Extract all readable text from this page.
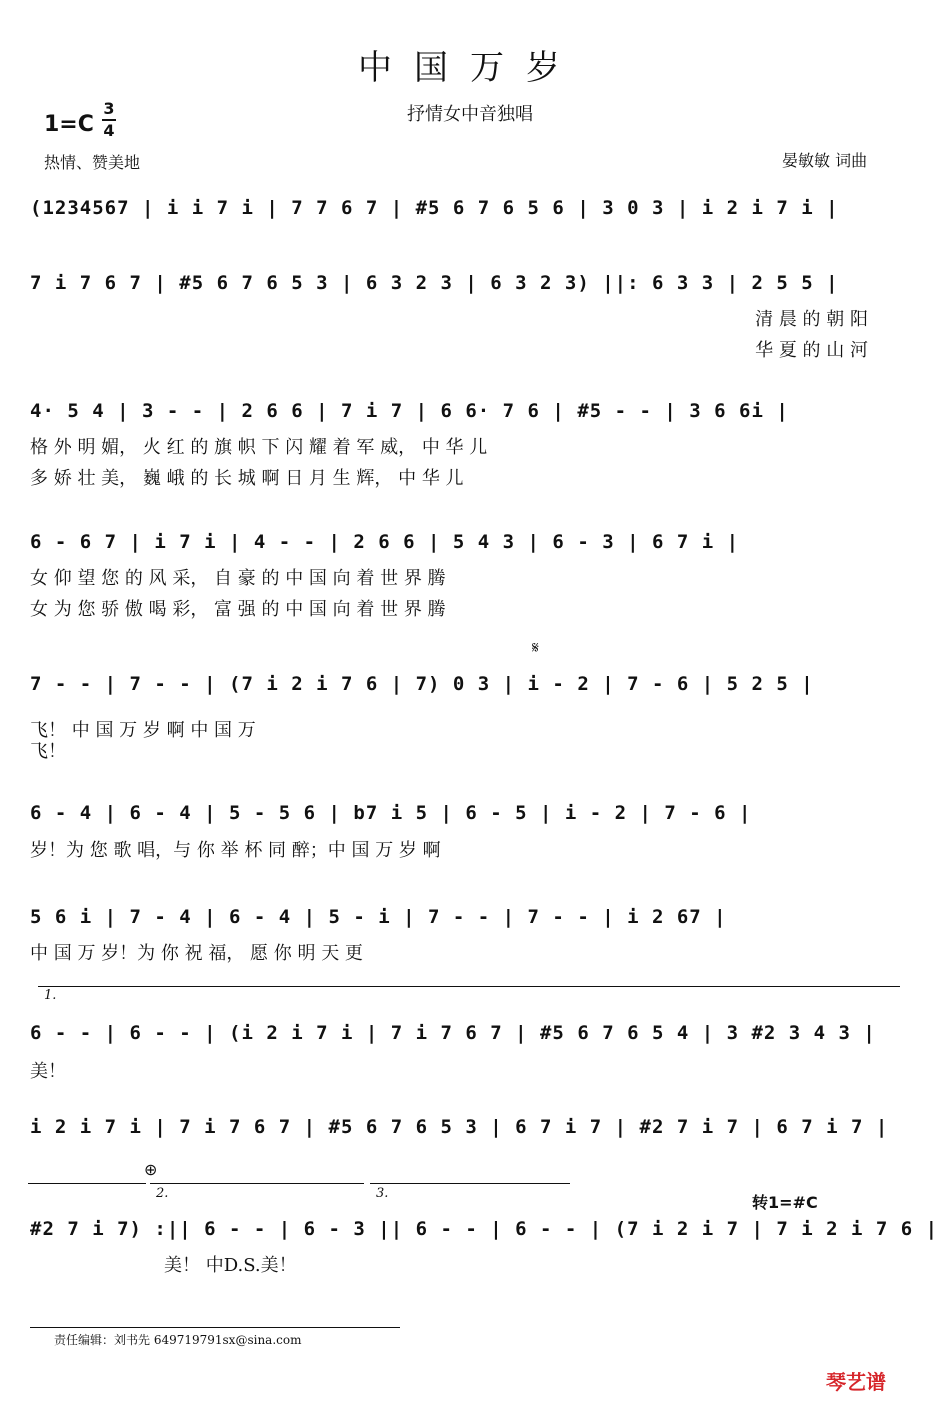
中国万岁
抒情女中音独唱
1=C
3
4
热情、赞美地	晏敏敏 词曲
(1234567 | i i 7 i | 7 7 6 7 | #5 6 7 6 5 6 | 3 0 3 | i 2 i 7 i |
7 i 7 6 7 | #5 6 7 6 5 3 | 6 3 2 3 | 6 3 2 3) ||: 6 3 3 | 2 5 5 |
清 晨 的 朝 阳
华 夏 的 山 河
4· 5 4 | 3 - - | 2 6 6 | 7 i 7 | 6 6· 7 6 | #5 - - | 3 6 6i |
格 外 明 媚， 火 红 的 旗 帜 下 闪 耀 着 军 威， 中 华 儿
多 娇 壮 美， 巍 峨 的 长 城 啊 日 月 生 辉， 中 华 儿
6 - 6 7 | i 7 i | 4 - - | 2 6 6 | 5 4 3 | 6 - 3 | 6 7 i |
女 仰 望 您 的 风 采， 自 豪 的 中 国 向 着 世 界 腾
女 为 您 骄 傲 喝 彩， 富 强 的 中 国 向 着 世 界 腾
𝄋
7 - - | 7 - - | (7 i 2 i 7 6 | 7) 0 3 | i - 2 | 7 - 6 | 5 2 5 |
飞！ 中 国 万 岁 啊 中 国 万
飞！
6 - 4 | 6 - 4 | 5 - 5 6 | b7 i 5 | 6 - 5 | i - 2 | 7 - 6 |
岁！为 您 歌 唱，与 你 举 杯 同 醉；中 国 万 岁 啊
5 6 i | 7 - 4 | 6 - 4 | 5 - i | 7 - - | 7 - - | i 2 67 |
中 国 万 岁！为 你 祝 福， 愿 你 明 天 更
1.
6 - - | 6 - - | (i 2 i 7 i | 7 i 7 6 7 | #5 6 7 6 5 4 | 3 #2 3 4 3 |
美！
i 2 i 7 i | 7 i 7 6 7 | #5 6 7 6 5 3 | 6 7 i 7 | #2 7 i 7 | 6 7 i 7 |
⊕
2.	3.	转1=#C
#2 7 i 7) :|| 6 - - | 6 - 3 || 6 - - | 6 - - | (7 i 2 i 7 | 7 i 2 i 7 6 |
美！ 中D.S.美！
责任编辑：刘书先 649719791sx@sina.com
琴艺谱
